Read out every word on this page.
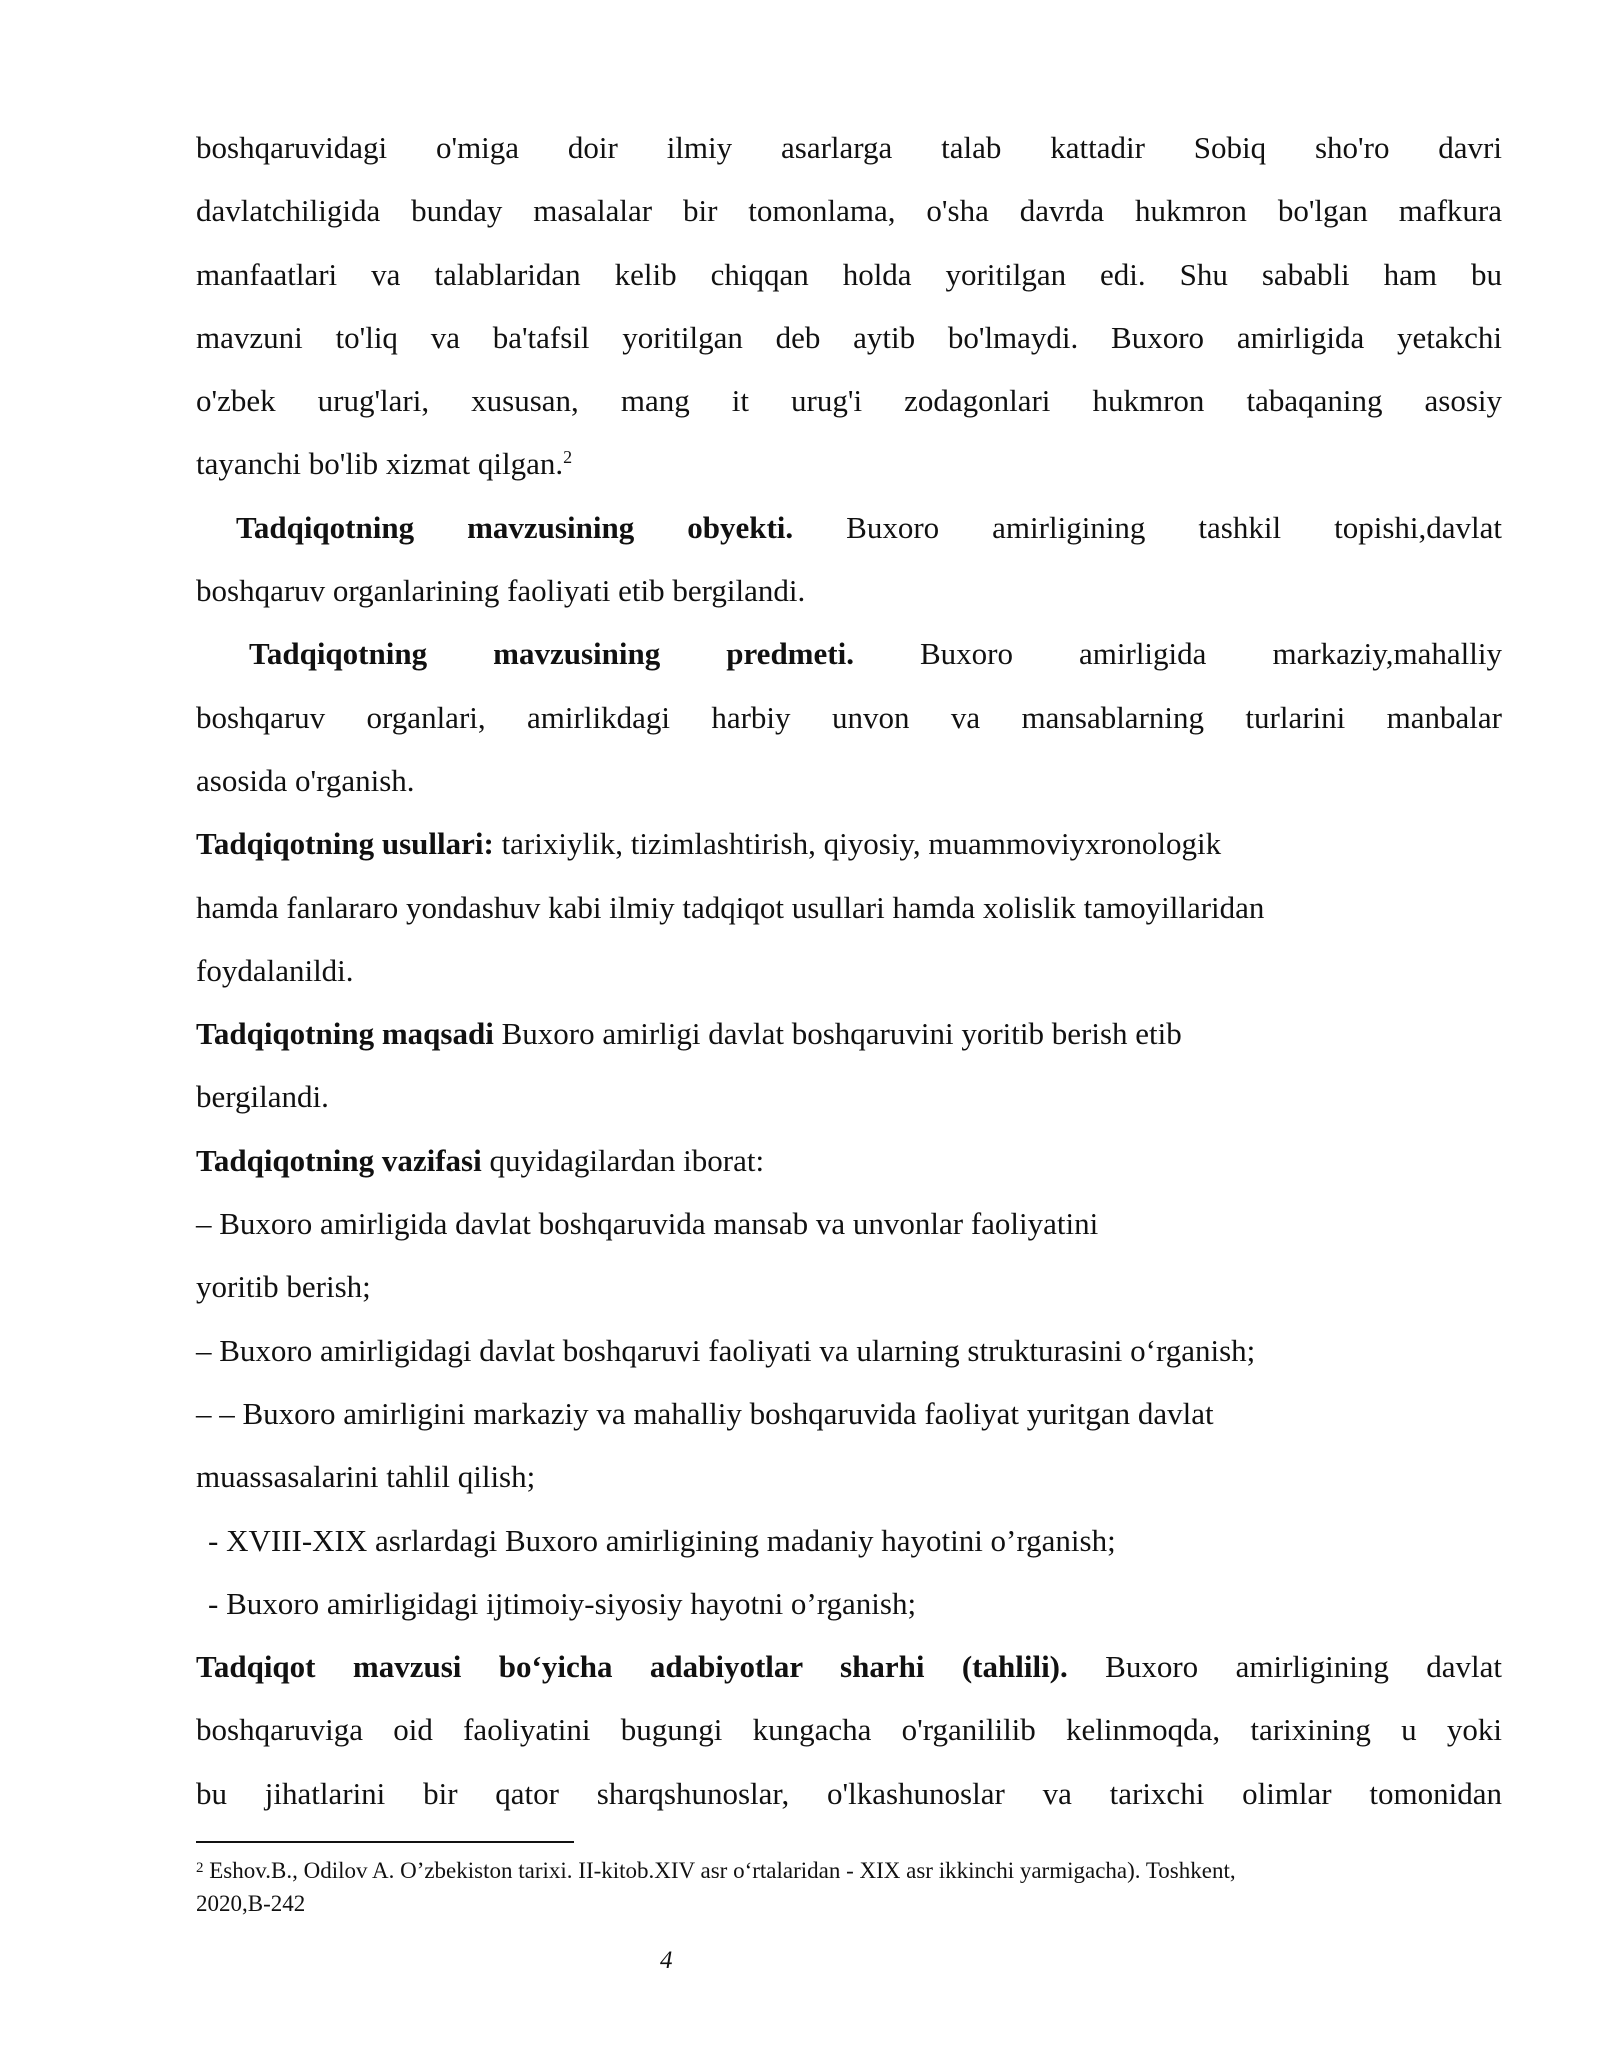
boshqaruvidagi o'miga doir ilmiy asarlarga talab kattadir Sobiq sho'ro davri
davlatchiligida bunday masalalar bir tomonlama, o'sha davrda hukmron bo'lgan mafkura
manfaatlari va talablaridan kelib chiqqan holda yoritilgan edi. Shu sababli ham bu
mavzuni to'liq va ba'tafsil yoritilgan deb aytib bo'lmaydi. Buxoro amirligida yetakchi
o'zbek urug'lari, xususan, mang it urug'i zodagonlari hukmron tabaqaning asosiy
tayanchi bo'lib xizmat qilgan.$^2$
Tadqiqotning mavzusining obyekti. Buxoro amirligining tashkil topishi,davlat
boshqaruv organlarining faoliyati etib bergilandi.
Tadqiqotning mavzusining predmeti. Buxoro amirligida markaziy,mahalliy
boshqaruv organlari, amirlikdagi harbiy unvon va mansablarning turlarini manbalar
asosida o'rganish.
Tadqiqotning usullari: tarixiylik, tizimlashtirish, qiyosiy, muammoviyxronologik
hamda fanlararo yondashuv kabi ilmiy tadqiqot usullari hamda xolislik tamoyillaridan
foydalanildi.
Tadqiqotning maqsadi Buxoro amirligi davlat boshqaruvini yoritib berish etib
bergilandi.
Tadqiqotning vazifasi quyidagilardan iborat:
– Buxoro amirligida davlat boshqaruvida mansab va unvonlar faoliyatini
yoritib berish;
– Buxoro amirligidagi davlat boshqaruvi faoliyati va ularning strukturasini o‘rganish;
– – Buxoro amirligini markaziy va mahalliy boshqaruvida faoliyat yuritgan davlat
muassasalarini tahlil qilish;
- XVIII-XIX asrlardagi Buxoro amirligining madaniy hayotini o’rganish;
- Buxoro amirligidagi ijtimoiy-siyosiy hayotni o’rganish;
Tadqiqot mavzusi bo‘yicha adabiyotlar sharhi (tahlili). Buxoro amirligining davlat
boshqaruviga oid faoliyatini bugungi kungacha o'rganililib kelinmoqda, tarixining u yoki
bu jihatlarini bir qator sharqshunoslar, o'lkashunoslar va tarixchi olimlar tomonidan
$^2$ Eshov.B., Odilov A. O’zbekiston tarixi. II-kitob.XIV asr o‘rtalaridan - XIX asr ikkinchi yarmigacha). Toshkent,
2020,B-242
4
